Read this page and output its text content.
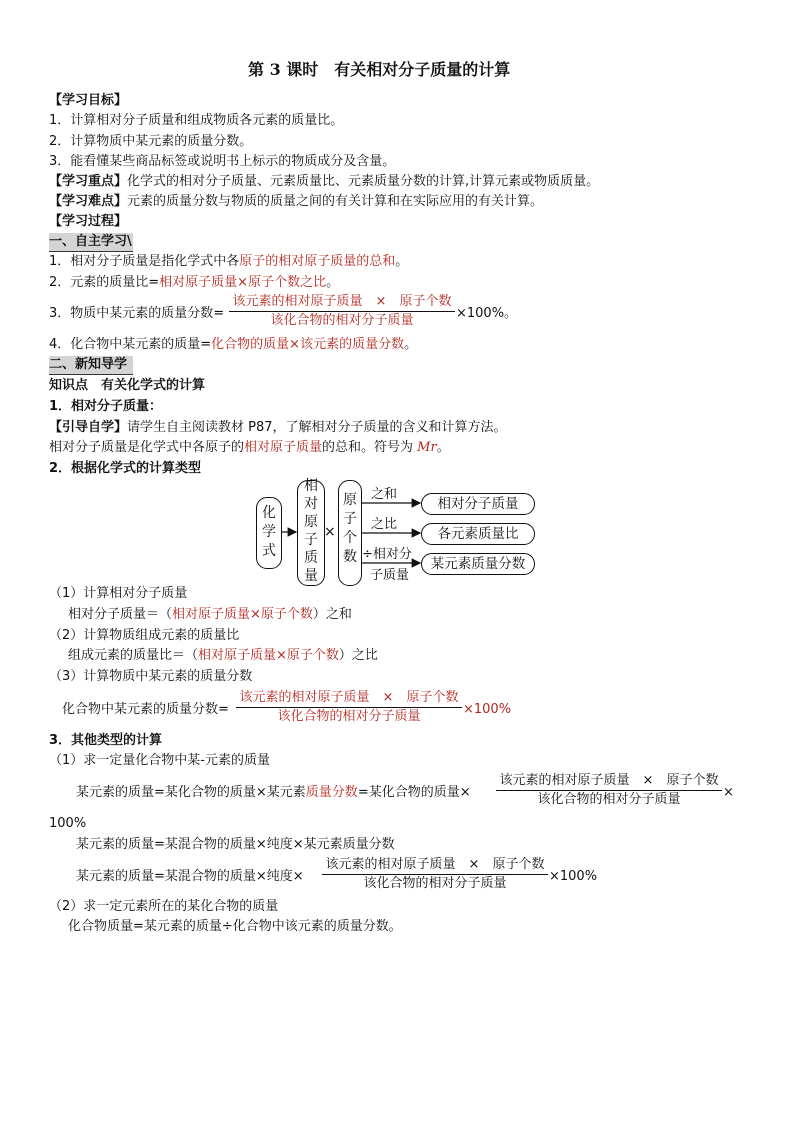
第 3 课时　有关相对分子质量的计算
【学习目标】
1．计算相对分子质量和组成物质各元素的质量比。
2．计算物质中某元素的质量分数。
3．能看懂某些商品标签或说明书上标示的物质成分及含量。
【学习重点】化学式的相对分子质量、元素质量比、元素质量分数的计算,计算元素或物质质量。
【学习难点】元素的质量分数与物质的质量之间的有关计算和在实际应用的有关计算。
【学习过程】
一、自主学习\
1．相对分子质量是指化学式中各原子的相对原子质量的总和。
2．元素的质量比=相对原子质量×原子个数之比。
3．物质中某元素的质量分数=
该元素的相对原子质量　×　原子个数
该化合物的相对分子质量	×100%。
4．化合物中某元素的质量=化合物的质量×该元素的质量分数。
二、新知导学
知识点　有关化学式的计算
1．相对分子质量：
【引导自学】请学生自主阅读教材 P87，了解相对分子质量的含义和计算方法。
相对分子质量是化学式中各原子的相对原子质量的总和。符号为 Mr。
2．根据化学式的计算类型
化
学
式
相
对
原
子
质
量
×
原
子
个
数
之和
之比
÷相对分
子质量
相对分子质量
各元素质量比
某元素质量分数
（1）计算相对分子质量
相对分子质量＝（相对原子质量×原子个数）之和
（2）计算物质组成元素的质量比
组成元素的质量比＝（相对原子质量×原子个数）之比
（3）计算物质中某元素的质量分数
化合物中某元素的质量分数=
该元素的相对原子质量　×　原子个数
该化合物的相对分子质量	×100%
3．其他类型的计算
（1）求一定量化合物中某-元素的质量
某元素的质量=某化合物的质量×某元素质量分数=某化合物的质量×
该元素的相对原子质量　×　原子个数
该化合物的相对分子质量	×
100%
某元素的质量=某混合物的质量×纯度×某元素质量分数
某元素的质量=某混合物的质量×纯度×
该元素的相对原子质量　×　原子个数
该化合物的相对分子质量	×100%
（2）求一定元素所在的某化合物的质量
化合物质量=某元素的质量÷化合物中该元素的质量分数。
